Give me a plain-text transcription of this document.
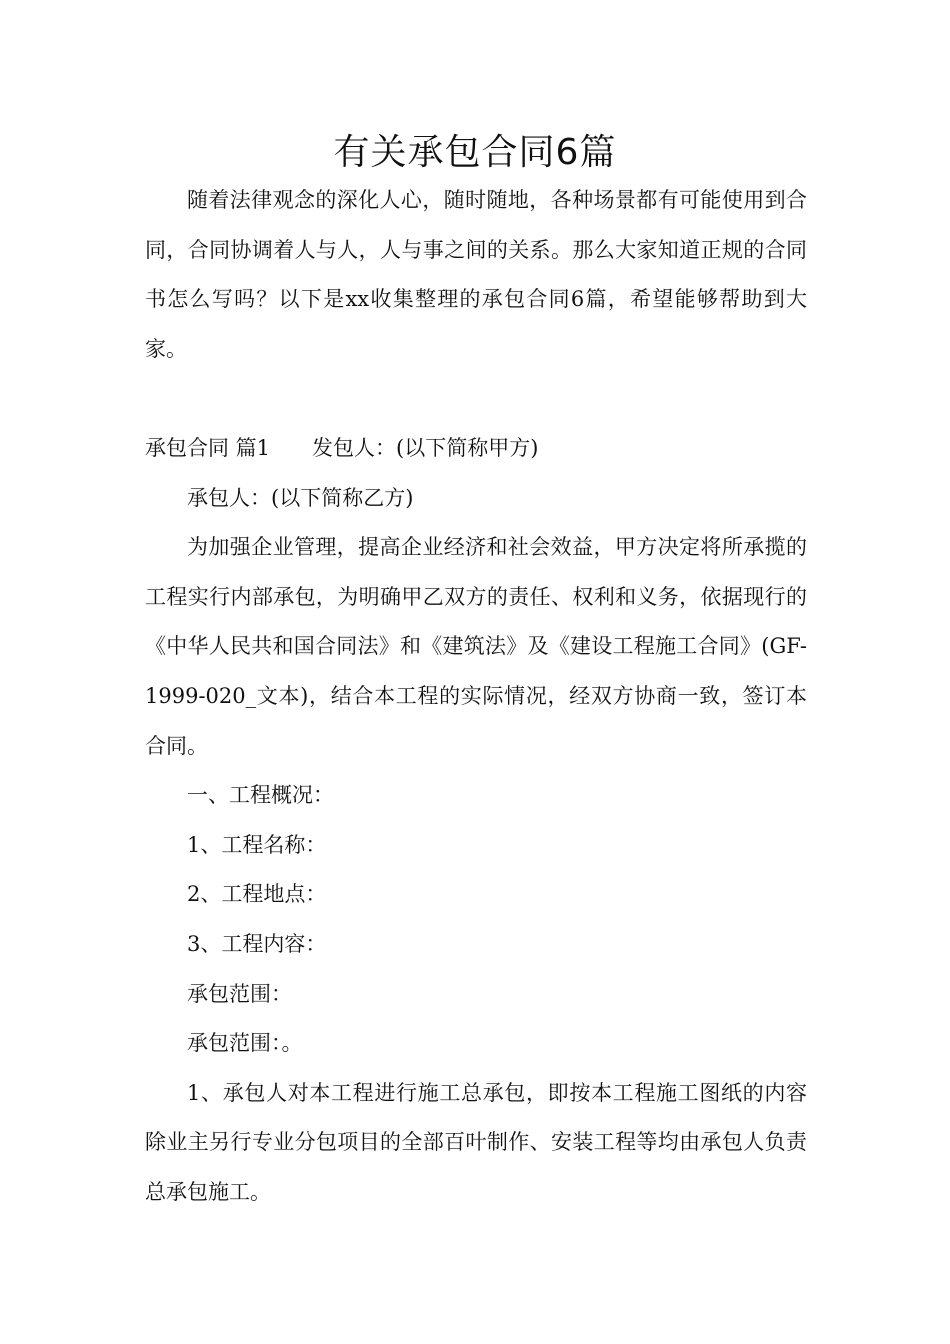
有关承包合同6篇

随着法律观念的深化人心，随时随地，各种场景都有可能使用到合同，合同协调着人与人，人与事之间的关系。那么大家知道正规的合同书怎么写吗？以下是xx收集整理的承包合同6篇，希望能够帮助到大家。

承包合同 篇1 发包人：(以下简称甲方)

承包人：(以下简称乙方)

为加强企业管理，提高企业经济和社会效益，甲方决定将所承揽的工程实行内部承包，为明确甲乙双方的责任、权利和义务，依据现行的《中华人民共和国合同法》和《建筑法》及《建设工程施工合同》(GF-1999-020_文本)，结合本工程的实际情况，经双方协商一致，签订本合同。

一、工程概况：

1、工程名称：

2、工程地点：

3、工程内容：

承包范围：

承包范围：。

1、承包人对本工程进行施工总承包，即按本工程施工图纸的内容除业主另行专业分包项目的全部百叶制作、安装工程等均由承包人负责总承包施工。
